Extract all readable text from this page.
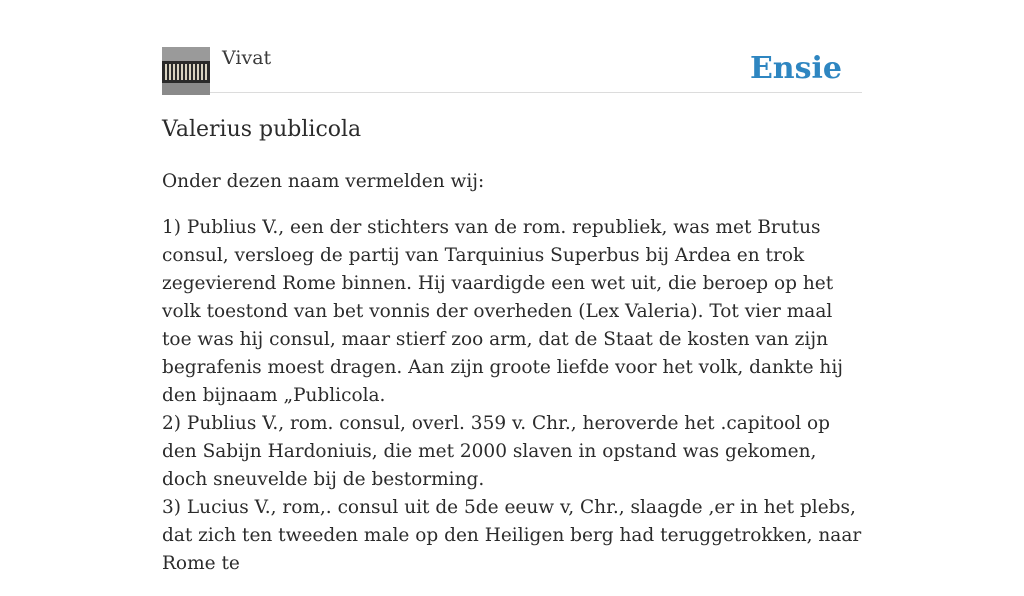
Vivat	Ensie
Valerius publicola

Onder dezen naam vermelden wij:

1) Publius V., een der stichters van de rom. republiek, was met Brutus consul, versloeg de partij van Tarquinius Superbus bij Ardea en trok zegevierend Rome binnen. Hij vaardigde een wet uit, die beroep op het volk toestond van bet vonnis der overheden (Lex Valeria). Tot vier maal toe was hij consul, maar stierf zoo arm, dat de Staat de kosten van zijn begrafenis moest dragen. Aan zijn groote liefde voor het volk, dankte hij den bijnaam „Publicola.
2) Publius V., rom. consul, overl. 359 v. Chr., heroverde het .capitool op den Sabijn Hardoniuis, die met 2000 slaven in opstand was gekomen, doch sneuvelde bij de bestorming.
3) Lucius V., rom,. consul uit de 5de eeuw v, Chr., slaagde ,er in het plebs, dat zich ten tweeden male op den Heiligen berg had teruggetrokken, naar Rome te
